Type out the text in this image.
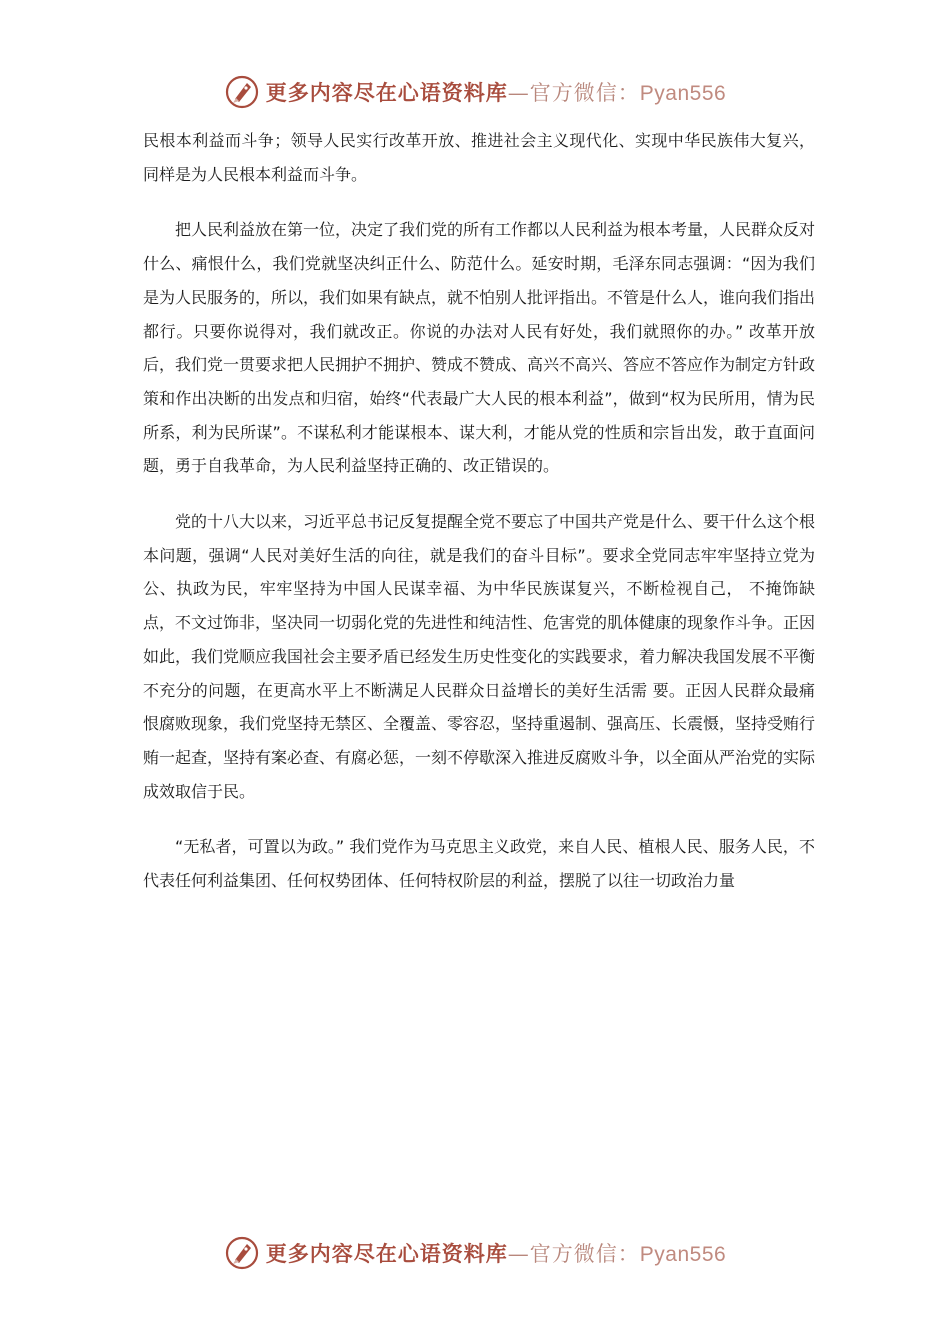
更多内容尽在心语资料库—官方微信：Pyan556

民根本利益而斗争；领导人民实行改革开放、推进社会主义现代化、实现中华民族伟大复兴， 同样是为人民根本利益而斗争。

把人民利益放在第一位，决定了我们党的所有工作都以人民利益为根本考量，人民群众反对什么、痛恨什么，我们党就坚决纠正什么、防范什么。延安时期，毛泽东同志强调：“因为我们是为人民服务的，所以，我们如果有缺点，就不怕别人批评指出。不管是什么人，谁向我们指出都行。只要你说得对，我们就改正。你说的办法对人民有好处，我们就照你的办。” 改革开放后，我们党一贯要求把人民拥护不拥护、赞成不赞成、高兴不高兴、答应不答应作为制定方针政策和作出决断的出发点和归宿，始终“代表最广大人民的根本利益”，做到“权为民所用，情为民所系，利为民所谋”。不谋私利才能谋根本、谋大利，才能从党的性质和宗旨出发，敢于直面问题，勇于自我革命，为人民利益坚持正确的、改正错误的。

党的十八大以来，习近平总书记反复提醒全党不要忘了中国共产党是什么、要干什么这个根本问题，强调“人民对美好生活的向往，就是我们的奋斗目标”。要求全党同志牢牢坚持立党为公、执政为民，牢牢坚持为中国人民谋幸福、为中华民族谋复兴，不断检视自己， 不掩饰缺点，不文过饰非，坚决同一切弱化党的先进性和纯洁性、危害党的肌体健康的现象作斗争。正因如此，我们党顺应我国社会主要矛盾已经发生历史性变化的实践要求，着力解决我国发展不平衡不充分的问题，在更高水平上不断满足人民群众日益增长的美好生活需 要。正因人民群众最痛恨腐败现象，我们党坚持无禁区、全覆盖、零容忍，坚持重遏制、强高压、长震慑，坚持受贿行贿一起查，坚持有案必查、有腐必惩，一刻不停歇深入推进反腐败斗争，以全面从严治党的实际成效取信于民。

“无私者，可置以为政。” 我们党作为马克思主义政党，来自人民、植根人民、服务人民，不代表任何利益集团、任何权势团体、任何特权阶层的利益，摆脱了以往一切政治力量

更多内容尽在心语资料库—官方微信：Pyan556
